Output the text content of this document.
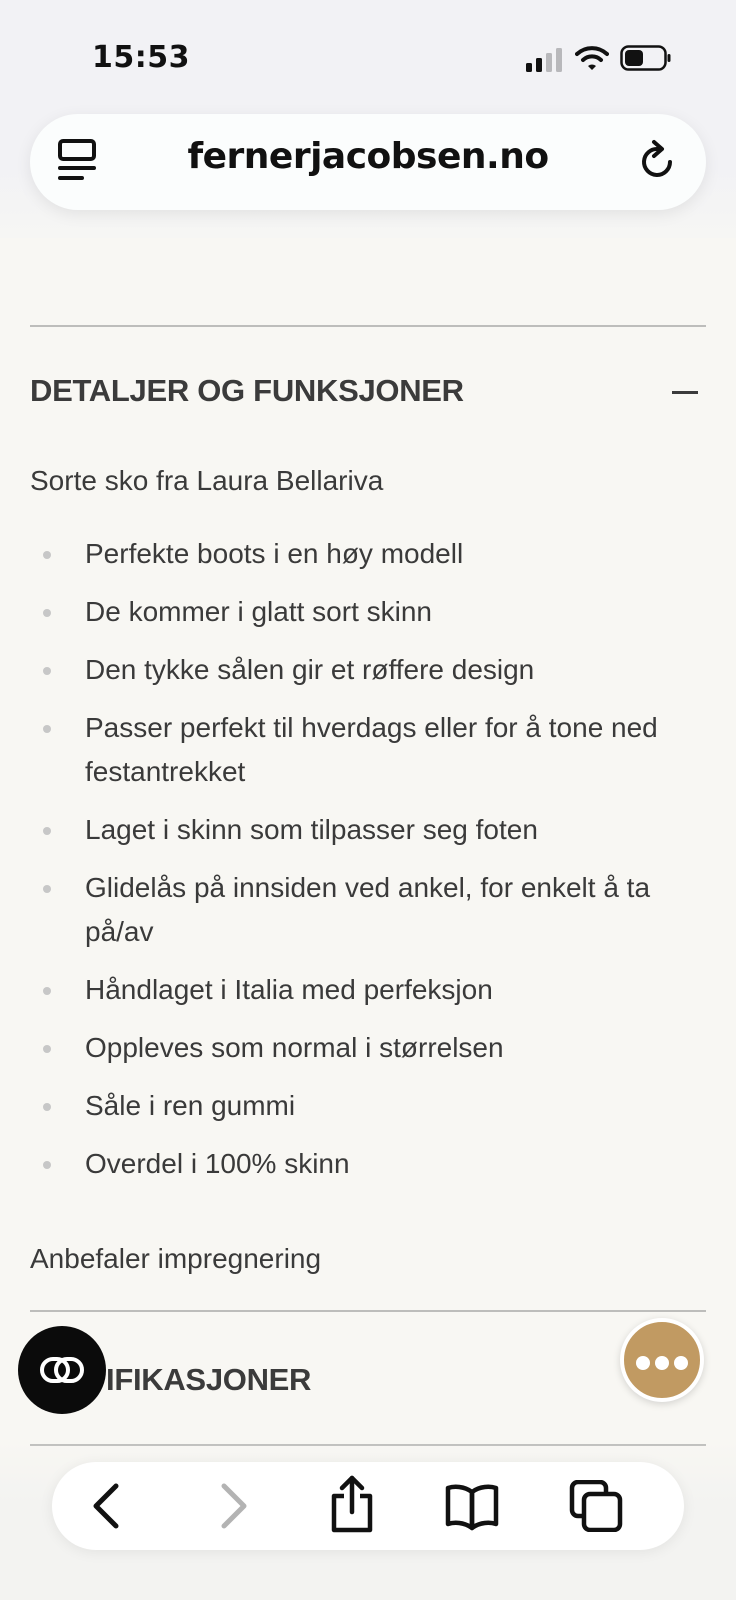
15:53
fernerjacobsen.no
DETALJER OG FUNKSJONER
Sorte sko fra Laura Bellariva
Perfekte boots i en høy modell
De kommer i glatt sort skinn
Den tykke sålen gir et røffere design
Passer perfekt til hverdags eller for å tone ned festantrekket
Laget i skinn som tilpasser seg foten
Glidelås på innsiden ved ankel, for enkelt å ta på/av
Håndlaget i Italia med perfeksjon
Oppleves som normal i størrelsen
Såle i ren gummi
Overdel i 100% skinn
Anbefaler impregnering
IFIKASJONER
